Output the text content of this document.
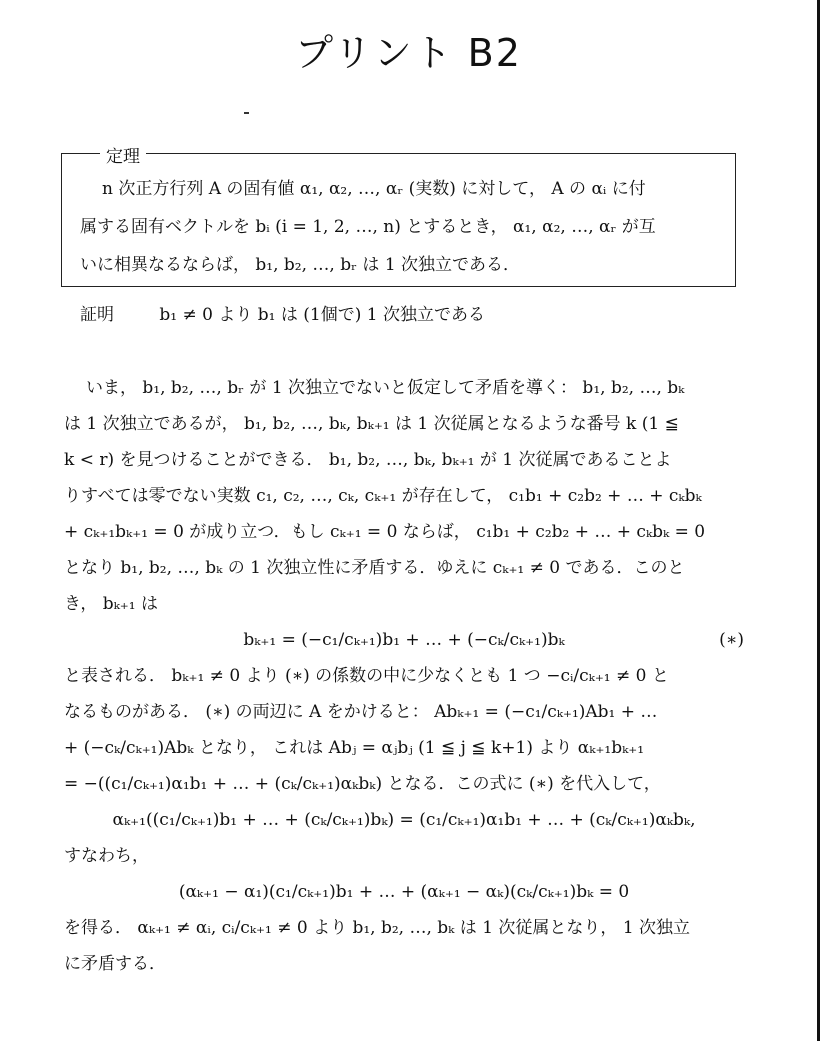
プリント B2
定理
n 次正方行列 A の固有値 α₁, α₂, …, αᵣ (実数) に対して， A の αᵢ に付
属する固有ベクトルを bᵢ (i = 1, 2, …, n) とするとき， α₁, α₂, …, αᵣ が互
いに相異なるならば， b₁, b₂, …, bᵣ は 1 次独立である．
証明	b₁ ≠ 0 より b₁ は (1個で) 1 次独立である
いま， b₁, b₂, …, bᵣ が 1 次独立でないと仮定して矛盾を導く： b₁, b₂, …, bₖ
は 1 次独立であるが， b₁, b₂, …, bₖ, bₖ₊₁ は 1 次従属となるような番号 k (1 ≦
k < r) を見つけることができる． b₁, b₂, …, bₖ, bₖ₊₁ が 1 次従属であることよ
りすべては零でない実数 c₁, c₂, …, cₖ, cₖ₊₁ が存在して， c₁b₁ + c₂b₂ + … + cₖbₖ
+ cₖ₊₁bₖ₊₁ = 0 が成り立つ．もし cₖ₊₁ = 0 ならば， c₁b₁ + c₂b₂ + … + cₖbₖ = 0
となり b₁, b₂, …, bₖ の 1 次独立性に矛盾する．ゆえに cₖ₊₁ ≠ 0 である．このと
き， bₖ₊₁ は
bₖ₊₁ = (−c₁/cₖ₊₁)b₁ + … + (−cₖ/cₖ₊₁)bₖ	(∗)
と表される． bₖ₊₁ ≠ 0 より (∗) の係数の中に少なくとも 1 つ −cᵢ/cₖ₊₁ ≠ 0 と
なるものがある． (∗) の両辺に A をかけると： Abₖ₊₁ = (−c₁/cₖ₊₁)Ab₁ + …
+ (−cₖ/cₖ₊₁)Abₖ となり， これは Abⱼ = αⱼbⱼ (1 ≦ j ≦ k+1) より αₖ₊₁bₖ₊₁
= −((c₁/cₖ₊₁)α₁b₁ + … + (cₖ/cₖ₊₁)αₖbₖ) となる．この式に (∗) を代入して，
αₖ₊₁((c₁/cₖ₊₁)b₁ + … + (cₖ/cₖ₊₁)bₖ) = (c₁/cₖ₊₁)α₁b₁ + … + (cₖ/cₖ₊₁)αₖbₖ,
すなわち，
(αₖ₊₁ − α₁)(c₁/cₖ₊₁)b₁ + … + (αₖ₊₁ − αₖ)(cₖ/cₖ₊₁)bₖ = 0
を得る． αₖ₊₁ ≠ αᵢ, cᵢ/cₖ₊₁ ≠ 0 より b₁, b₂, …, bₖ は 1 次従属となり， 1 次独立
に矛盾する．
